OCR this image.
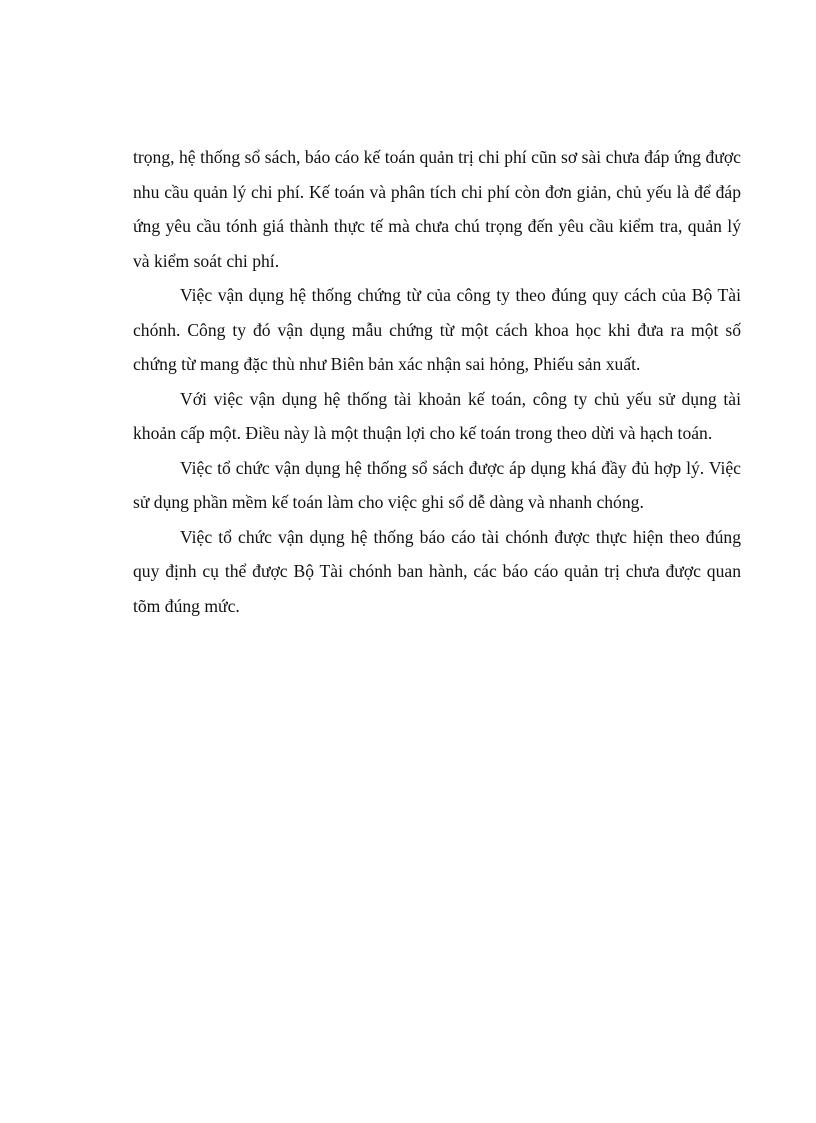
trọng, hệ thống sổ sách, báo cáo kế toán quản trị chi phí cũn sơ sài chưa đáp ứng được nhu cầu quản lý chi phí. Kế toán và phân tích chi phí còn đơn giản, chủ yếu là để đáp ứng yêu cầu tónh giá thành thực tế mà chưa chú trọng đến yêu cầu kiểm tra, quản lý và kiểm soát chi phí.

Việc vận dụng hệ thống chứng từ của công ty theo đúng quy cách của Bộ Tài chónh. Công ty đó vận dụng mẫu chứng từ một cách khoa học khi đưa ra một số chứng từ mang đặc thù như Biên bản xác nhận sai hỏng, Phiếu sản xuất.

Với việc vận dụng hệ thống tài khoản kế toán, công ty chủ yếu sử dụng tài khoản cấp một. Điều này là một thuận lợi cho kế toán trong theo dừi và hạch toán.

Việc tổ chức vận dụng hệ thống sổ sách được áp dụng khá đầy đủ hợp lý. Việc sử dụng phần mềm kế toán làm cho việc ghi sổ dễ dàng và nhanh chóng.

Việc tổ chức vận dụng hệ thống báo cáo tài chónh được thực hiện theo đúng quy định cụ thể được Bộ Tài chónh ban hành, các báo cáo quản trị chưa được quan tõm đúng mức.
